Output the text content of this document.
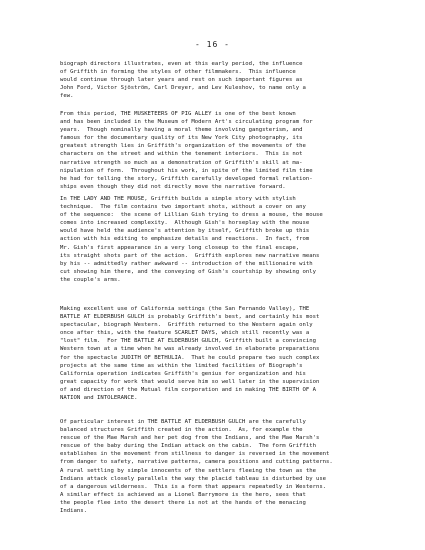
- 16 -
biograph directors illustrates, even at this early period, the influence
of Griffith in forming the styles of other filmmakers.  This influence
would continue through later years and rest on such important figures as
John Ford, Victor Sjöström, Carl Dreyer, and Lev Kuleshov, to name only a
few.
From this period, THE MUSKETEERS OF PIG ALLEY is one of the best known
and has been included in the Museum of Modern Art's circulating program for
years.  Though nominally having a moral theme involving gangsterism, and
famous for the documentary quality of its New York City photography, its
greatest strength lies in Griffith's organization of the movements of the
characters on the street and within the tenement interiors.  This is not
narrative strength so much as a demonstration of Griffith's skill at ma-
nipulation of form.  Throughout his work, in spite of the limited film time
he had for telling the story, Griffith carefully developed formal relation-
ships even though they did not directly move the narrative forward.
In THE LADY AND THE MOUSE, Griffith builds a simple story with stylish
technique.  The film contains two important shots, without a cover on any
of the sequence:  the scene of Lillian Gish trying to dress a mouse, the mouse
comes into increased complexity.  Although Gish's horseplay with the mouse
would have held the audience's attention by itself, Griffith broke up this
action with his editing to emphasize details and reactions.  In fact, from
Mr. Gish's first appearance in a very long closeup to the final escape,
its straight shots part of the action.  Griffith explores new narrative means
by his -- admittedly rather awkward -- introduction of the millionaire with
cut showing him there, and the conveying of Gish's courtship by showing only
the couple's arms.
Making excellent use of California settings (the San Fernando Valley), THE
BATTLE AT ELDERBUSH GULCH is probably Griffith's best, and certainly his most
spectacular, biograph Western.  Griffith returned to the Western again only
once after this, with the feature SCARLET DAYS, which still recently was a
"lost" film.  For THE BATTLE AT ELDERBUSH GULCH, Griffith built a convincing
Western town at a time when he was already involved in elaborate preparations
for the spectacle JUDITH OF BETHULIA.  That he could prepare two such complex
projects at the same time as within the limited facilities of Biograph's
California operation indicates Griffith's genius for organization and his
great capacity for work that would serve him so well later in the supervision
of and direction of the Mutual film corporation and in making THE BIRTH OF A
NATION and INTOLERANCE.
Of particular interest in THE BATTLE AT ELDERBUSH GULCH are the carefully
balanced structures Griffith created in the action.  As, for example the
rescue of the Mae Marsh and her pet dog from the Indians, and the Mae Marsh's
rescue of the baby during the Indian attack on the cabin.  The form Griffith
establishes in the movement from stillness to danger is reversed in the movement
from danger to safety, narrative patterns, camera positions and cutting patterns.
A rural settling by simple innocents of the settlers fleeing the town as the
Indians attack closely parallels the way the placid tableau is disturbed by use
of a dangerous wilderness.  This is a form that appears repeatedly in Westerns.
A similar effect is achieved as a Lionel Barrymore is the hero, sees that
the people flee into the desert there is not at the hands of the menacing
Indians.
